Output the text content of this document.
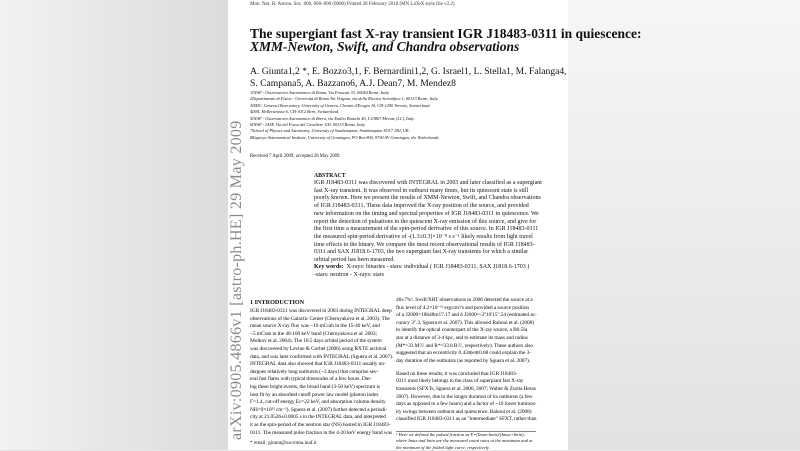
Mon. Not. R. Astron. Soc. 000, 000–000 (0000) Printed 28 February 2018 (MN LaTeX style file v2.2)
The supergiant fast X-ray transient IGR J18483-0311 in quiescence:
XMM-Newton, Swift, and Chandra observations
A. Giunta1,2 *, E. Bozzo3,1, F. Bernardini1,2, G. Israel1, L. Stella1, M. Falanga4,
S. Campana5, A. Bazzano6, A.J. Dean7, M. Mendez8
1INAF - Osservatorio Astronomico di Roma, Via Frascati 33, 00044 Rome, Italy.
2Dipartimento di Fisica - Università di Roma Tor Vergata, via della Ricerca Scientifica 1, 00133 Rome, Italy.
3ISDC, Geneva Observatory, University of Geneva, Chemin d'Ecogia 16, CH-1290 Versoix, Switzerland.
4ISSI, Hallerstrasse 6, CH-3012 Bern, Switzerland.
5INAF - Osservatorio Astronomico di Brera, via Emilio Bianchi 46, I-23807 Merate (LC), Italy.
6INAF - IASF, Via del Fosso del Cavaliere 100, 00133 Roma, Italy.
7School of Physics and Astronomy, University of Southampton, Southampton SO17 1BJ, UK.
8Kapteyn Astronomical Institute, University of Groningen, PO Box 800, 9700 AV Groningen, the Netherlands.
Received 7 April 2009; accepted 28 May 2009.
ABSTRACT
IGR J18483-0311 was discovered with INTEGRAL in 2003 and later classified as a supergiant
fast X-ray transient. It was observed in outburst many times, but its quiescent state is still
poorly known. Here we present the results of XMM-Newton, Swift, and Chandra observations
of IGR J18483-0311. These data improved the X-ray position of the source, and provided
new information on the timing and spectral properties of IGR J18483-0311 in quiescence. We
report the detection of pulsations in the quiescent X-ray emission of this source, and give for
the first time a measurement of the spin-period derivative of this source. In IGR J18483-0311
the measured spin-period derivative of -(1.3±0.3)×10⁻⁸ s s⁻¹ likely results from light travel
time effects in the binary. We compare the most recent observational results of IGR J18483-
0311 and SAX J1818.6-1703, the two supergiant fast X-ray transients for which a similar
orbital period has been measured.
Key words: X-rays: binaries - stars: individual ( IGR J18483-0311, SAX J1818.6-1703 )
-stars: neutron - X-rays: stars
1 INTRODUCTION
IGR J18483-0311 was discovered in 2003 during INTEGRAL deep
observations of the Galactic Center (Chernyakova et al. 2003). The
mean source X-ray flux was ~10 mCrab in the 15-40 keV, and
~5 mCrab in the 40-100 keV band (Chernyakova et al. 2003;
Molkov et al. 2004). The 18.5 days orbital period of the system
was discovered by Levine & Corbet (2006) using RXTE archival
data, and was later confirmed with INTEGRAL (Sguera et al. 2007).
INTEGRAL data also showed that IGR J18483-0311 usually un-
dergoes relatively long outbursts (~3 days) that comprise sev-
eral fast flares with typical timescales of a few hours. Dur-
ing these bright events, the broad band (3-50 keV) spectrum is
best fit by an absorbed cutoff power law model (photon index
Γ=1.4, cut-off energy Ec=22 keV, and absorption column density
NH=9×10²² cm⁻²). Sguera et al. (2007) further detected a periodi-
city at 21.0526±0.0005 s in the INTEGRAL data, and interpreted
it as the spin-period of the neutron star (NS) hosted in IGR J18483-
0311. The measured pulse fraction in the 4-20 keV energy band was
48±7%¹. Swift/XRT observations in 2006 detected the source at a
flux level of 4.2×10⁻¹² erg/cm²/s and provided a source position
of α J2000=18h48m17.17 and δ J2000=-3°10'15".54 (estimated ac-
curacy 3".3, Sguera et al. 2007). This allowed Rahoui et al. (2008)
to identify the optical counterpart of the X-ray source, a B0.5Ia
star at a distance of 3-4 kpc, and to estimate its mass and radius
(M*=33 M☉ and R*=33.8 R☉, respectively). These authors also
suggested that an eccentricity 0.43≲e≲0.68 could explain the 3-
day duration of the outbursts (as reported by Sguera et al. 2007).
Based on these results, it was concluded that IGR J18483-
0311 most likely belongs to the class of superpiant fast X-ray
transients (SFXTs, Sguera et al. 2006, 2007; Walter & Zurita Heras
2007). However, due to the longer duration of its outbursts (a few
days as opposed to a few hours) and a factor of ~10 lower luminos-
ity swings between outburst and quiescence, Rahoui et al. (2008)
classified IGR J18483-0311 as an "intermediate" SFXT, rather than
¹ Here we defined the pulsed fraction as F=(Imax-Imin)/(Imax+Imin),
where Imax and Imin are the measured count rates at the maximum and at
the minimum of the folded light curve, respectively.
* email: giunta@oa-roma.inaf.it
arXiv:0905.4866v1 [astro-ph.HE] 29 May 2009
